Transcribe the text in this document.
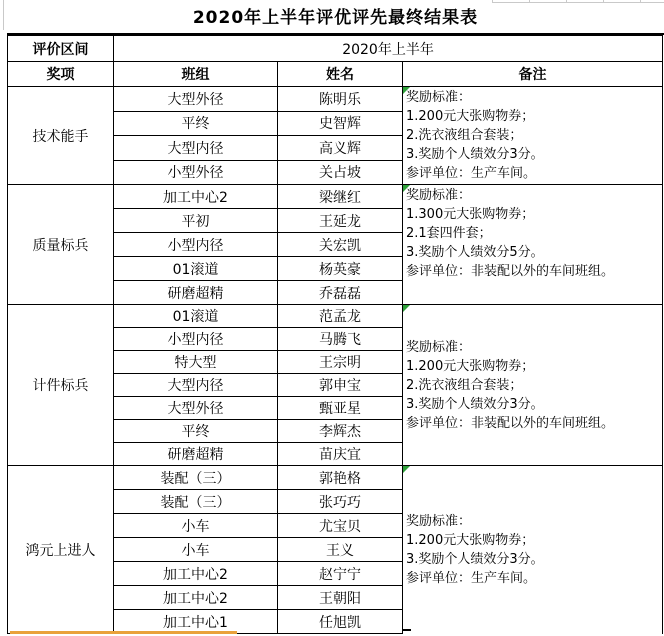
2020年上半年评优评先最终结果表
评价区间	2020年上半年		
奖项	班组	姓名	备注
技术能手	大型外径	陈明乐	奖励标准：
1.200元大张购物券；
2.洗衣液组合套装；
3.奖励个人绩效分3分。
参评单位：生产车间。

	平终	史智辉	
	大型内径	高义辉	
	小型外径	关占坡	
质量标兵	加工中心2	梁继红	奖励标准：
1.300元大张购物券；
2.1套四件套；
3.奖励个人绩效分5分。
参评单位：非装配以外的车间班组。

	平初	王延龙	
	小型内径	关宏凯	
	01滚道	杨英豪	
	研磨超精	乔磊磊	
计件标兵	01滚道	范孟龙	奖励标准：
1.200元大张购物券；
2.洗衣液组合套装；
3.奖励个人绩效分3分。
参评单位：非装配以外的车间班组。

	小型内径	马腾飞	
	特大型	王宗明	
	大型内径	郭申宝	
	大型外径	甄亚星	
	平终	李辉杰	
	研磨超精	苗庆宜	
鸿元上进人	装配（三）	郭艳格	奖励标准：
1.200元大张购物券；
3.奖励个人绩效分3分。
参评单位：生产车间。

	装配（三）	张巧巧	
	小车	尤宝贝	
	小车	王义	
	加工中心2	赵宁宁	
	加工中心2	王朝阳	
	加工中心1	任旭凯	
